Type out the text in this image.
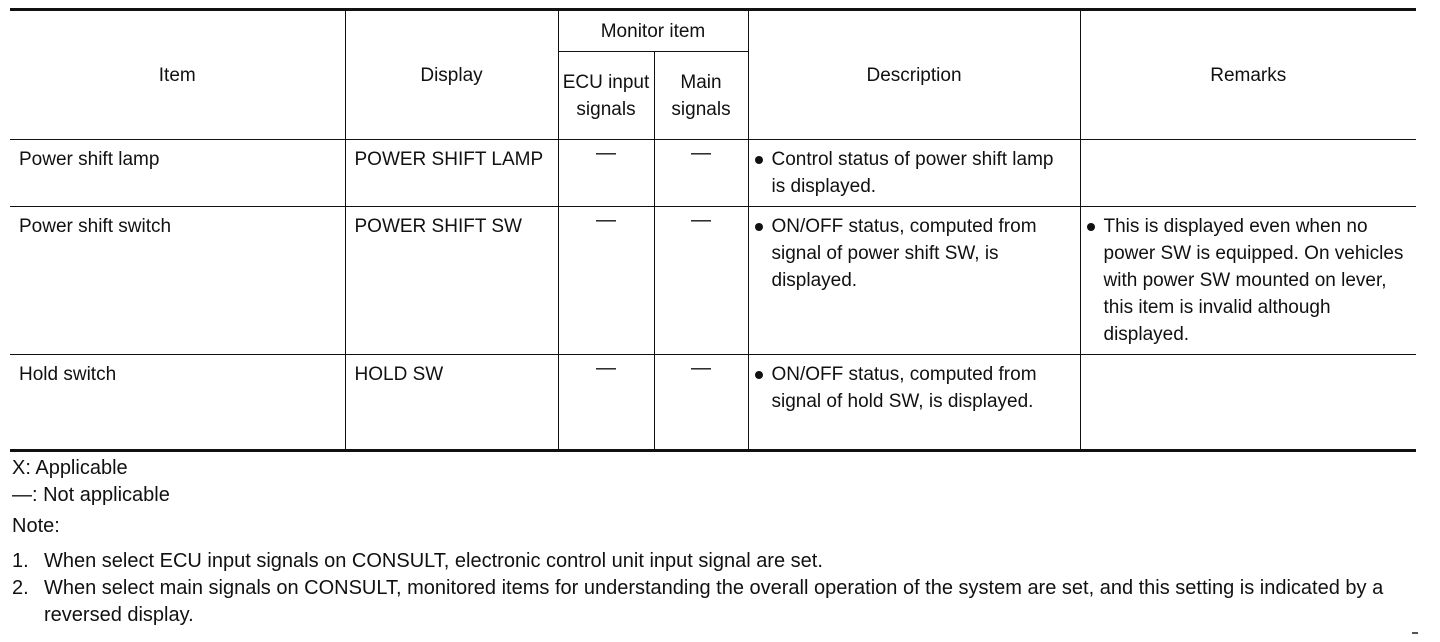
Item	Display	Monitor item		Description	Remarks
		ECU input signals	Main signals		
Power shift lamp	POWER SHIFT LAMP	—	—	Control status of power shift lamp is displayed.	

Power shift switch	POWER SHIFT SW	—	—	ON/OFF status, computed from signal of power shift SW, is displayed.	This is displayed even when no power SW is equipped. On vehicles with power SW mounted on lever, this item is invalid although displayed.

Hold switch	HOLD SW	—	—	ON/OFF status, computed from signal of hold SW, is displayed.	

X: Applicable
—: Not applicable
Note:
1. When select ECU input signals on CONSULT, electronic control unit input signal are set.
2. When select main signals on CONSULT, monitored items for understanding the overall operation of the system are set, and this setting is indicated by a reversed display.
